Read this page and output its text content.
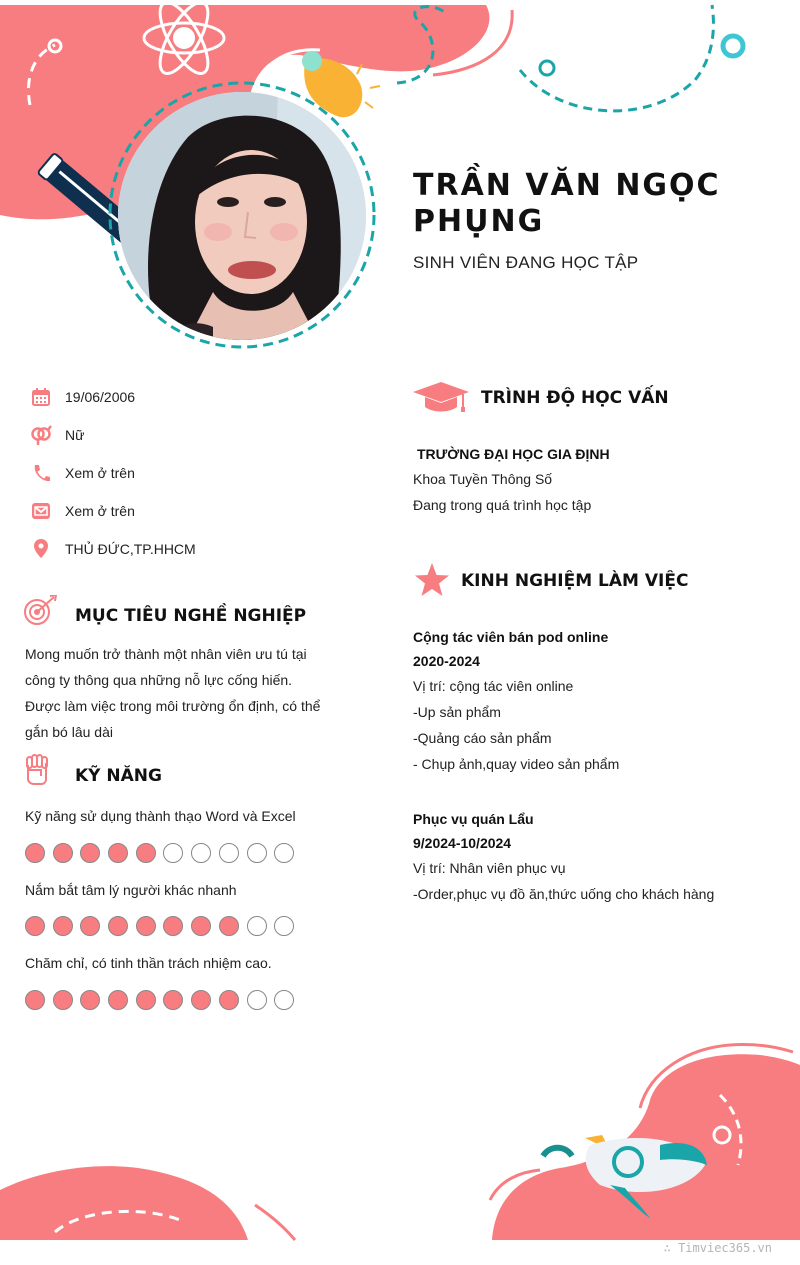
TRẦN VĂN NGỌC PHỤNG
SINH VIÊN ĐANG HỌC TẬP
19/06/2006
Nữ
Xem ở trên
Xem ở trên
THỦ ĐỨC,TP.HHCM
MỤC TIÊU NGHỀ NGHIỆP
Mong muốn trở thành một nhân viên ưu tú tại
công ty thông qua những nỗ lực cống hiến.
Được làm việc trong môi trường ổn định, có thể
gắn bó lâu dài
KỸ NĂNG
Kỹ năng sử dụng thành thạo Word và Excel
Nắm bắt tâm lý người khác nhanh
Chăm chỉ, có tinh thần trách nhiệm cao.
TRÌNH ĐỘ HỌC VẤN
TRƯỜNG ĐẠI HỌC GIA ĐỊNH
Khoa Tuyền Thông Số
Đang trong quá trình học tập
KINH NGHIỆM LÀM VIỆC
Cộng tác viên bán pod online
2020-2024
Vị trí: cộng tác viên online
-Up sản phẩm
-Quảng cáo sản phẩm
- Chụp ảnh,quay video sản phẩm
Phục vụ quán Lẩu
9/2024-10/2024
Vị trí: Nhân viên phục vụ
-Order,phục vụ đồ ăn,thức uống cho khách hàng
∴ Timviec365.vn
